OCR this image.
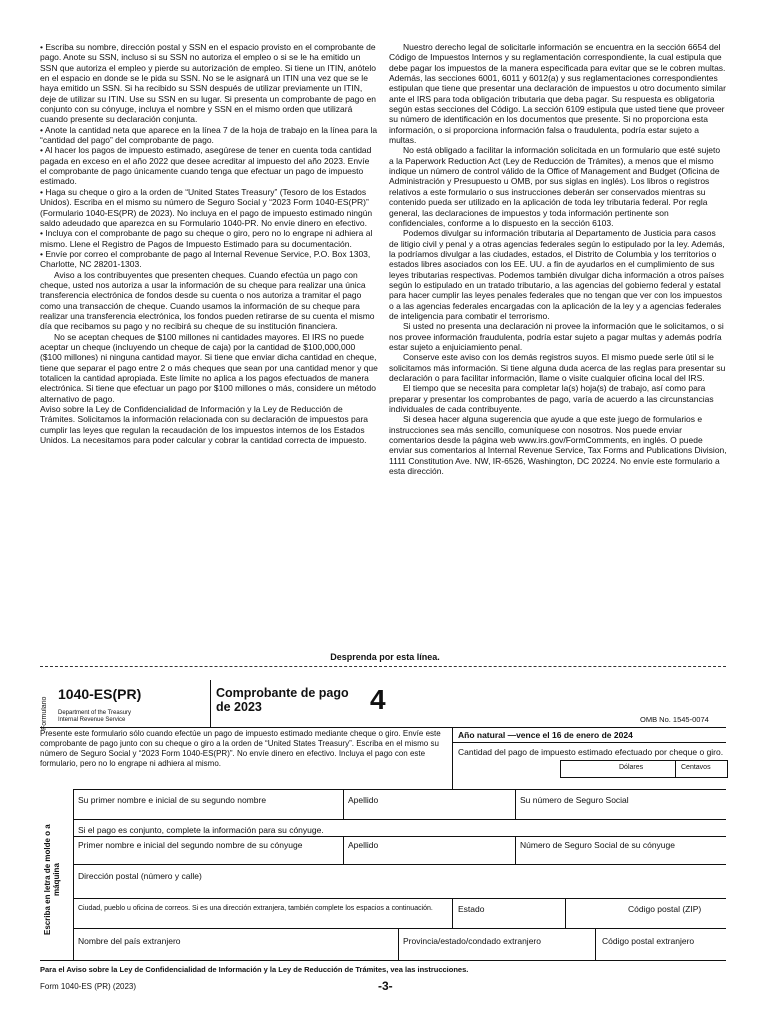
• Escriba su nombre, dirección postal y SSN en el espacio provisto en el comprobante de pago. Anote su SSN, incluso si su SSN no autoriza el empleo o si se le ha emitido un SSN que autoriza el empleo y pierde su autorización de empleo. Si tiene un ITIN, anótelo en el espacio en donde se le pida su SSN. No se le asignará un ITIN una vez que se le haya emitido un SSN. Si ha recibido su SSN después de utilizar previamente un ITIN, deje de utilizar su ITIN. Use su SSN en su lugar. Si presenta un comprobante de pago en conjunto con su cónyuge, incluya el nombre y SSN en el mismo orden que utilizará cuando presente su declaración conjunta.

• Anote la cantidad neta que aparece en la línea 7 de la hoja de trabajo en la línea para la “cantidad del pago” del comprobante de pago.

• Al hacer los pagos de impuesto estimado, asegúrese de tener en cuenta toda cantidad pagada en exceso en el año 2022 que desee acreditar al impuesto del año 2023. Envíe el comprobante de pago únicamente cuando tenga que efectuar un pago de impuesto estimado.

• Haga su cheque o giro a la orden de “United States Treasury” (Tesoro de los Estados Unidos). Escriba en el mismo su número de Seguro Social y “2023 Form 1040-ES(PR)” (Formulario 1040-ES(PR) de 2023). No incluya en el pago de impuesto estimado ningún saldo adeudado que aparezca en su Formulario 1040-PR. No envíe dinero en efectivo.

• Incluya con el comprobante de pago su cheque o giro, pero no lo engrape ni adhiera al mismo. Llene el Registro de Pagos de Impuesto Estimado para su documentación.

• Envíe por correo el comprobante de pago al Internal Revenue Service, P.O. Box 1303, Charlotte, NC 28201-1303.

Aviso a los contribuyentes que presenten cheques. Cuando efectúa un pago con cheque, usted nos autoriza a usar la información de su cheque para realizar una única transferencia electrónica de fondos desde su cuenta o nos autoriza a tramitar el pago como una transacción de cheque. Cuando usamos la información de su cheque para realizar una transferencia electrónica, los fondos pueden retirarse de su cuenta el mismo día que recibamos su pago y no recibirá su cheque de su institución financiera.

No se aceptan cheques de $100 millones ni cantidades mayores. El IRS no puede aceptar un cheque (incluyendo un cheque de caja) por la cantidad de $100,000,000 ($100 millones) ni ninguna cantidad mayor. Si tiene que enviar dicha cantidad en cheque, tiene que separar el pago entre 2 o más cheques que sean por una cantidad menor y que totalicen la cantidad apropiada. Este límite no aplica a los pagos efectuados de manera electrónica. Si tiene que efectuar un pago por $100 millones o más, considere un método alternativo de pago.

Aviso sobre la Ley de Confidencialidad de Información y la Ley de Reducción de Trámites. Solicitamos la información relacionada con su declaración de impuestos para cumplir las leyes que regulan la recaudación de los impuestos internos de los Estados Unidos. La necesitamos para poder calcular y cobrar la cantidad correcta de impuesto.

Nuestro derecho legal de solicitarle información se encuentra en la sección 6654 del Código de Impuestos Internos y su reglamentación correspondiente, la cual estipula que debe pagar los impuestos de la manera especificada para evitar que se le cobren multas. Además, las secciones 6001, 6011 y 6012(a) y sus reglamentaciones correspondientes estipulan que tiene que presentar una declaración de impuestos u otro documento similar ante el IRS para toda obligación tributaria que deba pagar. Su respuesta es obligatoria según estas secciones del Código. La sección 6109 estipula que usted tiene que proveer su número de identificación en los documentos que presente. Si no proporciona esta información, o si proporciona información falsa o fraudulenta, podría estar sujeto a multas.

No está obligado a facilitar la información solicitada en un formulario que esté sujeto a la Paperwork Reduction Act (Ley de Reducción de Trámites), a menos que el mismo indique un número de control válido de la Office of Management and Budget (Oficina de Administración y Presupuesto u OMB, por sus siglas en inglés). Los libros o registros relativos a este formulario o sus instrucciones deberán ser conservados mientras su contenido pueda ser utilizado en la aplicación de toda ley tributaria federal. Por regla general, las declaraciones de impuestos y toda información pertinente son confidenciales, conforme a lo dispuesto en la sección 6103.

Podemos divulgar su información tributaria al Departamento de Justicia para casos de litigio civil y penal y a otras agencias federales según lo estipulado por la ley. Además, la podríamos divulgar a las ciudades, estados, el Distrito de Columbia y los territorios o estados libres asociados con los EE. UU. a fin de ayudarlos en el cumplimiento de sus leyes tributarias respectivas. Podemos también divulgar dicha información a otros países según lo estipulado en un tratado tributario, a las agencias del gobierno federal y estatal para hacer cumplir las leyes penales federales que no tengan que ver con los impuestos o a las agencias federales encargadas con la aplicación de la ley y a agencias federales de inteligencia para combatir el terrorismo.

Si usted no presenta una declaración ni provee la información que le solicitamos, o si nos provee información fraudulenta, podría estar sujeto a pagar multas y además podría estar sujeto a enjuiciamiento penal.

Conserve este aviso con los demás registros suyos. El mismo puede serle útil si le solicitamos más información. Si tiene alguna duda acerca de las reglas para presentar su declaración o para facilitar información, llame o visite cualquier oficina local del IRS.

El tiempo que se necesita para completar la(s) hoja(s) de trabajo, así como para preparar y presentar los comprobantes de pago, varía de acuerdo a las circunstancias individuales de cada contribuyente.

Si desea hacer alguna sugerencia que ayude a que este juego de formularios e instrucciones sea más sencillo, comuníquese con nosotros. Nos puede enviar comentarios desde la página web www.irs.gov/FormComments, en inglés. O puede enviar sus comentarios al Internal Revenue Service, Tax Forms and Publications Division, 1111 Constitution Ave. NW, IR-6526, Washington, DC 20224. No envíe este formulario a esta dirección.

Desprenda por esta línea.
Formulario
1040-ES(PR)
Department of the Treasury
Internal Revenue Service
Comprobante de pago de 2023	4
OMB No. 1545-0074
Presente este formulario sólo cuando efectúe un pago de impuesto estimado mediante cheque o giro. Envíe este comprobante de pago junto con su cheque o giro a la orden de “United States Treasury”. Escriba en el mismo su número de Seguro Social y “2023 Form 1040-ES(PR)”. No envíe dinero en efectivo. Incluya el pago con este formulario, pero no lo engrape ni adhiera al mismo.
Año natural —vence el 16 de enero de 2024
Cantidad del pago de impuesto estimado efectuado por cheque o giro.
Dólares	Centavos
Escriba en letra de molde o a máquina
Su primer nombre e inicial de su segundo nombre	Apellido	Su número de Seguro Social
Si el pago es conjunto, complete la información para su cónyuge.
Primer nombre e inicial del segundo nombre de su cónyuge	Apellido	Número de Seguro Social de su cónyuge
Dirección postal (número y calle)
Ciudad, pueblo u oficina de correos. Si es una dirección extranjera, también complete los espacios a continuación.	Estado	Código postal (ZIP)
Nombre del país extranjero	Provincia/estado/condado extranjero	Código postal extranjero
Para el Aviso sobre la Ley de Confidencialidad de Información y la Ley de Reducción de Trámites, vea las instrucciones.
Form 1040-ES (PR) (2023)	-3-
